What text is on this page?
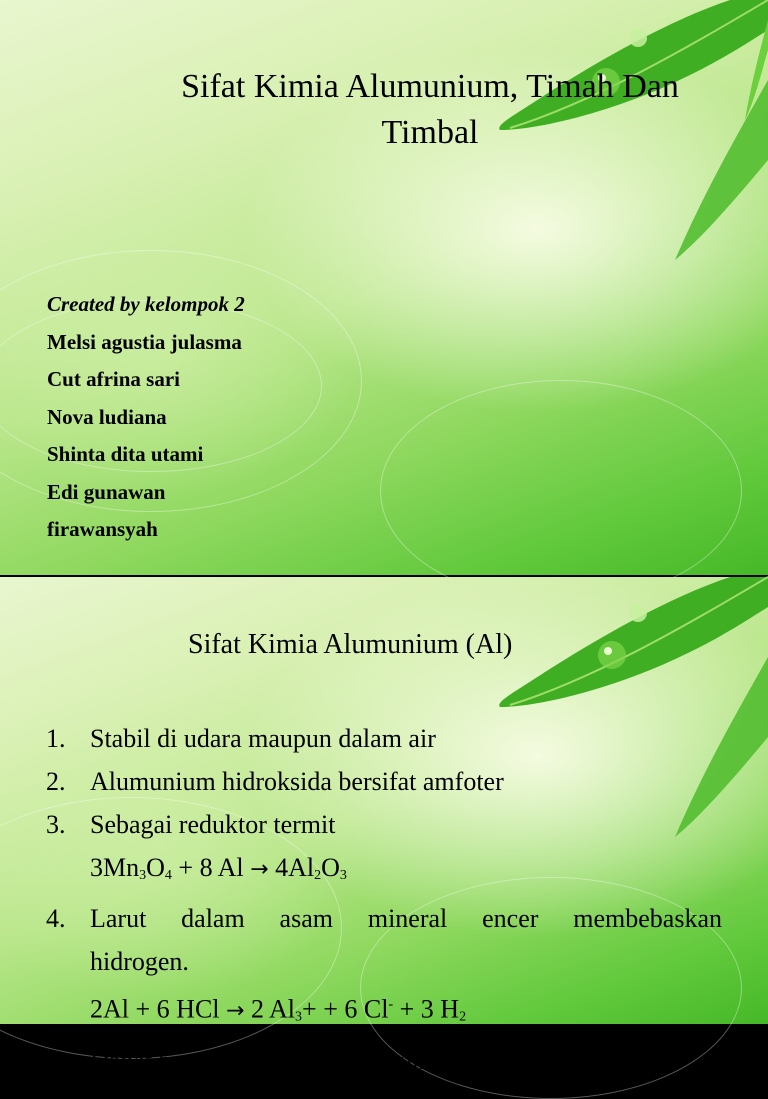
Sifat Kimia Alumunium, Timah Dan
Timbal
Created by kelompok 2
Melsi agustia julasma
Cut afrina sari
Nova ludiana
Shinta dita utami
Edi gunawan
firawansyah
Sifat Kimia Alumunium (Al)
1. Stabil di udara maupun dalam air
2. Alumunium hidroksida bersifat amfoter
3. Sebagai reduktor termit
$3Mn_3O_4 + 8$ $Al \to 4Al_2O_3$
4. Larut dalam asam mineral encer membebaskan
hidrogen.
2Al + 6 HCl → 2 $Al_3+ + 6$ Cl- + 3 $H_2$
5. Dapat bereaksi dengan unsur-unsur tertentu lainnya
